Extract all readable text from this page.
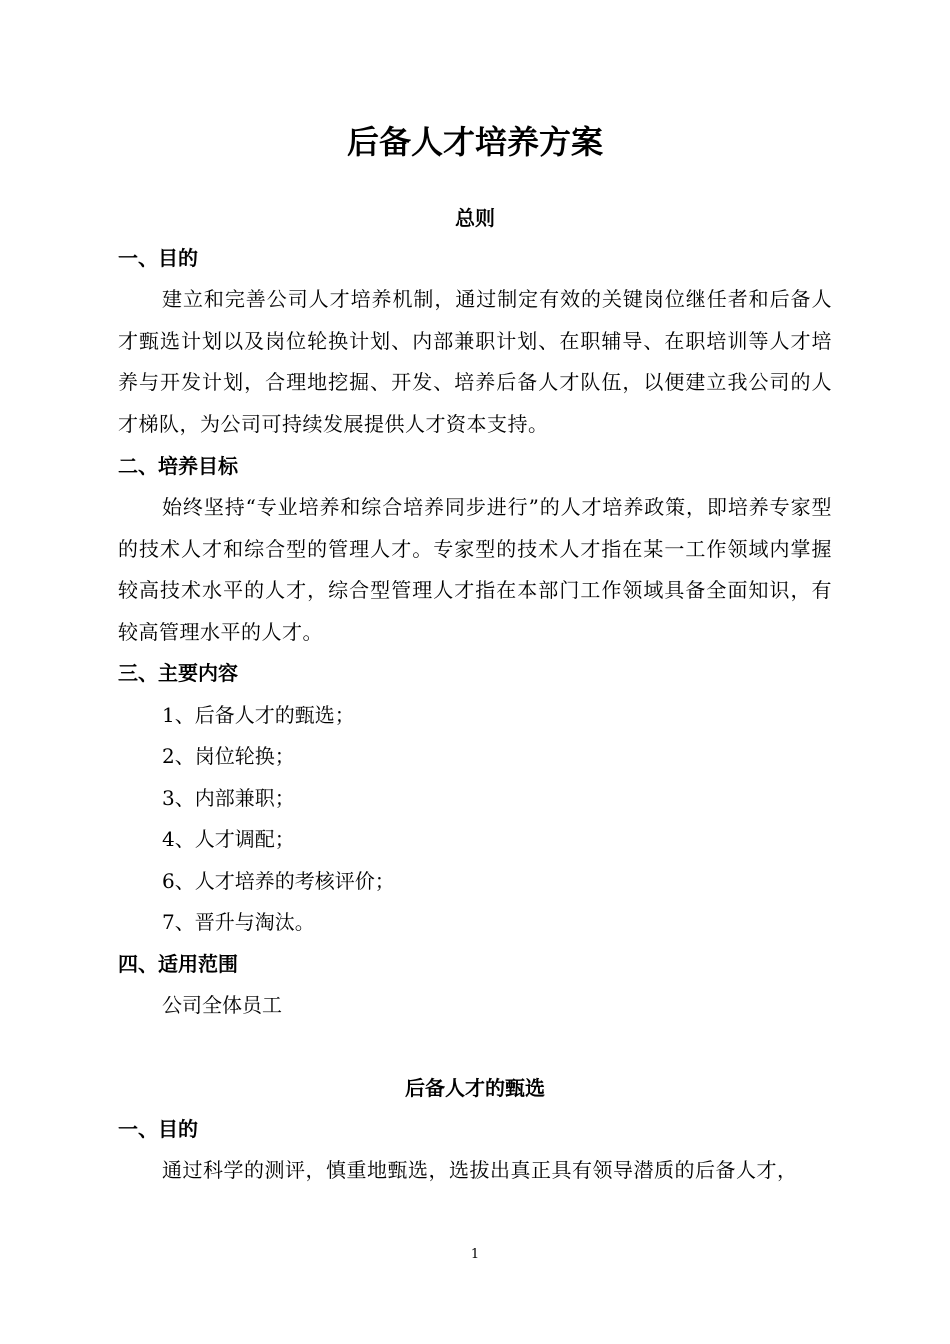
后备人才培养方案
总则
一、目的
建立和完善公司人才培养机制，通过制定有效的关键岗位继任者和后备人才甄选计划以及岗位轮换计划、内部兼职计划、在职辅导、在职培训等人才培养与开发计划，合理地挖掘、开发、培养后备人才队伍，以便建立我公司的人才梯队，为公司可持续发展提供人才资本支持。
二、培养目标
始终坚持“专业培养和综合培养同步进行”的人才培养政策，即培养专家型的技术人才和综合型的管理人才。专家型的技术人才指在某一工作领域内掌握较高技术水平的人才，综合型管理人才指在本部门工作领域具备全面知识，有较高管理水平的人才。
三、主要内容
1、后备人才的甄选；
2、岗位轮换；
3、内部兼职；
4、人才调配；
6、人才培养的考核评价；
7、晋升与淘汰。
四、适用范围
公司全体员工
后备人才的甄选
一、目的
通过科学的测评，慎重地甄选，选拔出真正具有领导潜质的后备人才，
1
